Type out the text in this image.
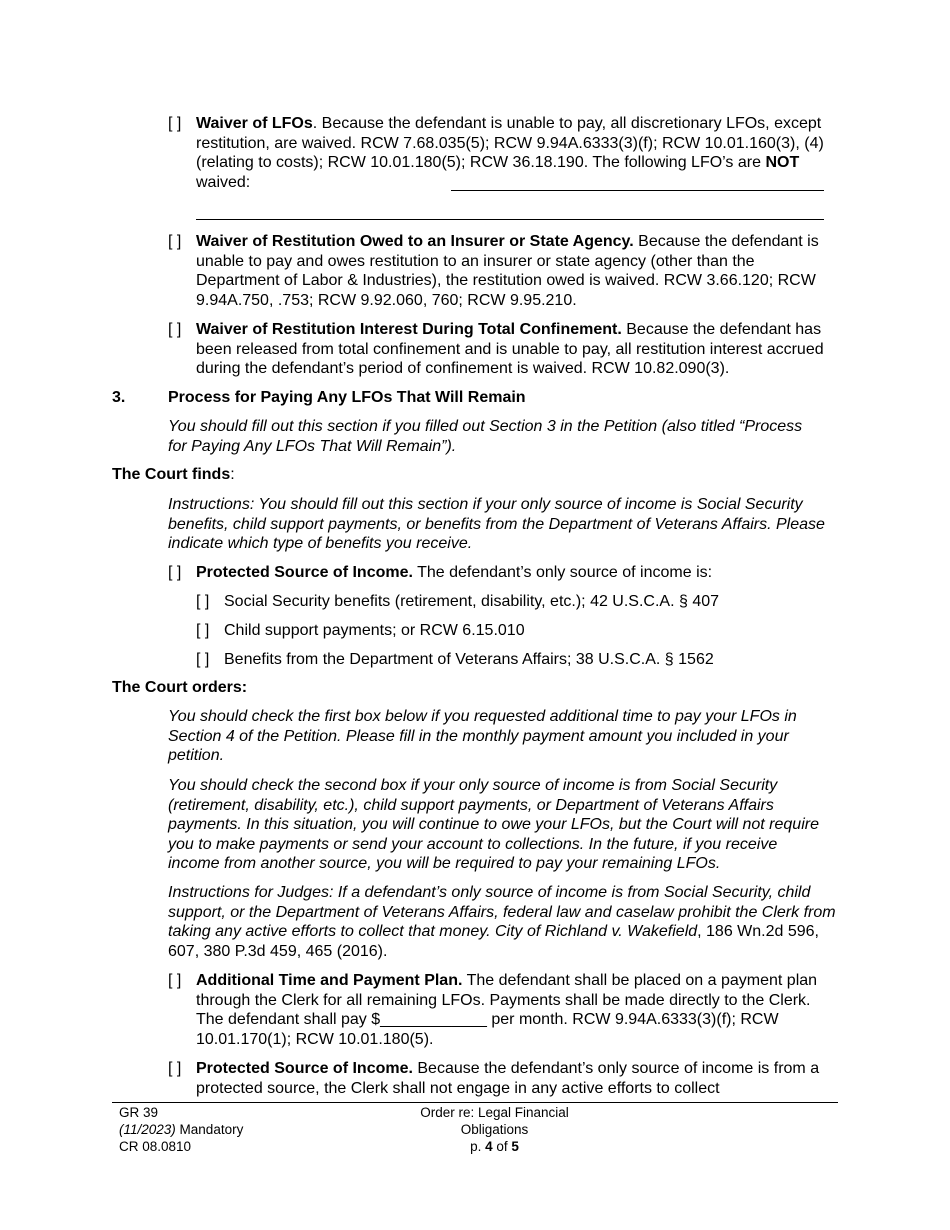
[ ] Waiver of LFOs. Because the defendant is unable to pay, all discretionary LFOs, except restitution, are waived. RCW 7.68.035(5); RCW 9.94A.6333(3)(f); RCW 10.01.160(3), (4) (relating to costs); RCW 10.01.180(5); RCW 36.18.190. The following LFO’s are NOT waived:
[ ] Waiver of Restitution Owed to an Insurer or State Agency. Because the defendant is unable to pay and owes restitution to an insurer or state agency (other than the Department of Labor & Industries), the restitution owed is waived. RCW 3.66.120; RCW 9.94A.750, .753; RCW 9.92.060, 760; RCW 9.95.210.
[ ] Waiver of Restitution Interest During Total Confinement. Because the defendant has been released from total confinement and is unable to pay, all restitution interest accrued during the defendant’s period of confinement is waived. RCW 10.82.090(3).
3.	Process for Paying Any LFOs That Will Remain
You should fill out this section if you filled out Section 3 in the Petition (also titled “Process for Paying Any LFOs That Will Remain”).
The Court finds:
Instructions: You should fill out this section if your only source of income is Social Security benefits, child support payments, or benefits from the Department of Veterans Affairs. Please indicate which type of benefits you receive.
[ ] Protected Source of Income. The defendant’s only source of income is:
[ ] Social Security benefits (retirement, disability, etc.); 42 U.S.C.A. § 407
[ ] Child support payments; or RCW 6.15.010
[ ] Benefits from the Department of Veterans Affairs; 38 U.S.C.A. § 1562
The Court orders:
You should check the first box below if you requested additional time to pay your LFOs in Section 4 of the Petition. Please fill in the monthly payment amount you included in your petition.
You should check the second box if your only source of income is from Social Security (retirement, disability, etc.), child support payments, or Department of Veterans Affairs payments. In this situation, you will continue to owe your LFOs, but the Court will not require you to make payments or send your account to collections. In the future, if you receive income from another source, you will be required to pay your remaining LFOs.
Instructions for Judges: If a defendant’s only source of income is from Social Security, child support, or the Department of Veterans Affairs, federal law and caselaw prohibit the Clerk from taking any active efforts to collect that money. City of Richland v. Wakefield, 186 Wn.2d 596, 607, 380 P.3d 459, 465 (2016).
[ ] Additional Time and Payment Plan. The defendant shall be placed on a payment plan through the Clerk for all remaining LFOs. Payments shall be made directly to the Clerk. The defendant shall pay $____________ per month. RCW 9.94A.6333(3)(f); RCW 10.01.170(1); RCW 10.01.180(5).
[ ] Protected Source of Income. Because the defendant’s only source of income is from a protected source, the Clerk shall not engage in any active efforts to collect
GR 39
(11/2023) Mandatory
CR 08.0810
Order re: Legal Financial
Obligations
p. 4 of 5
